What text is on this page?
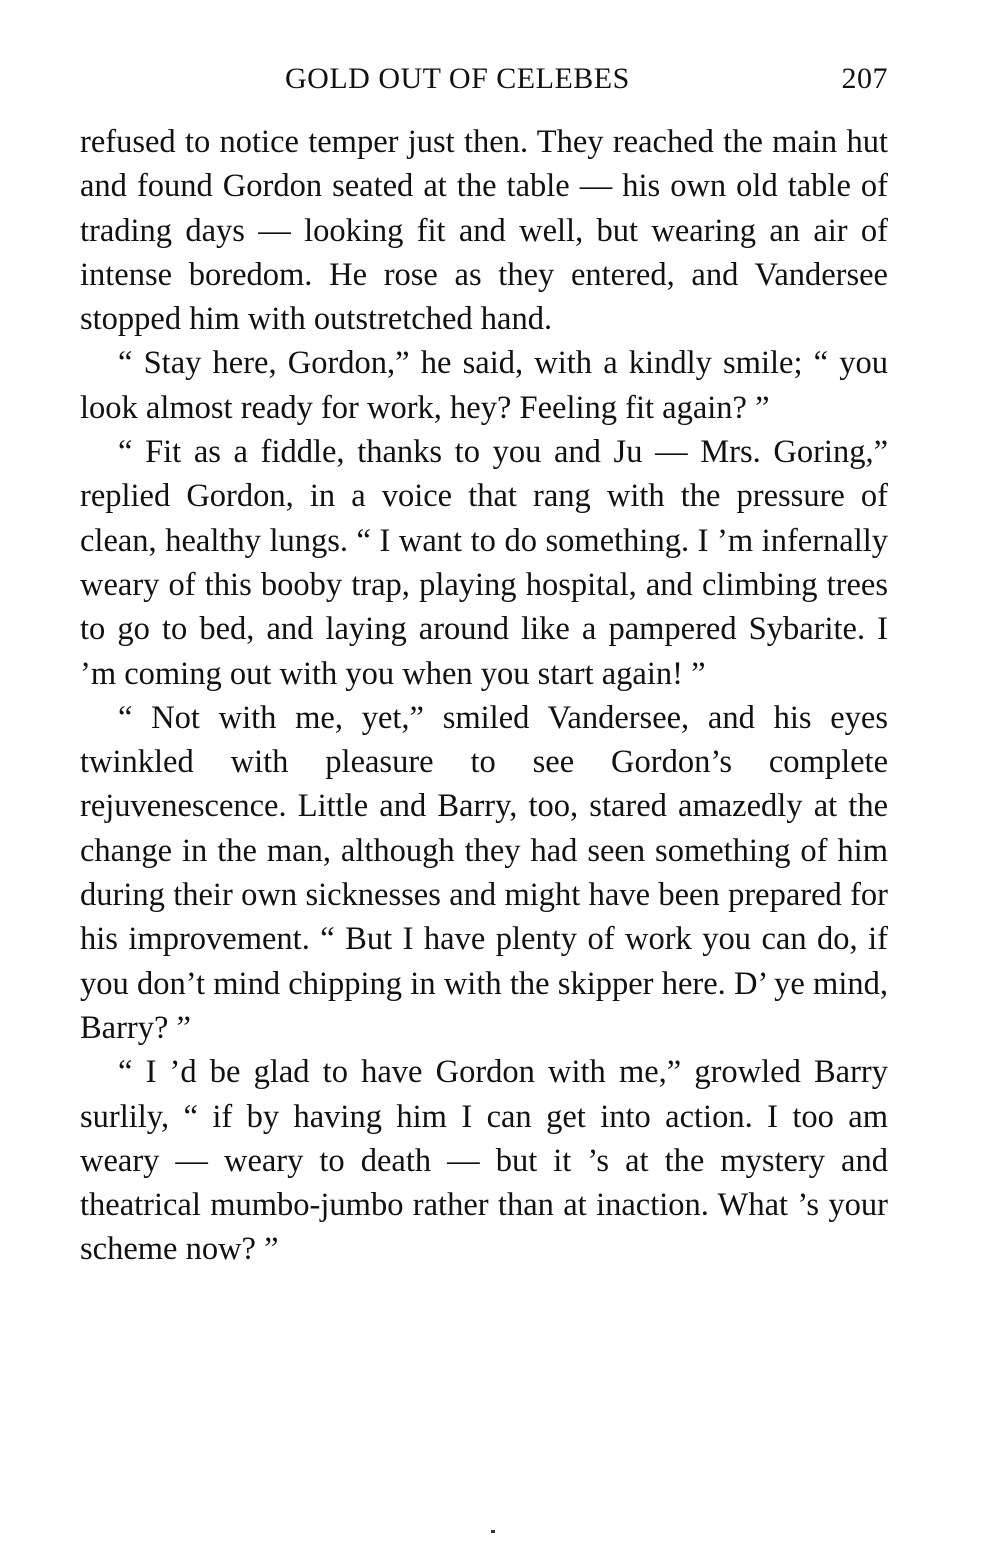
GOLD OUT OF CELEBES	207

refused to notice temper just then. They reached the main hut and found Gordon seated at the table — his own old table of trading days — looking fit and well, but wearing an air of intense boredom. He rose as they entered, and Vandersee stopped him with outstretched hand.

“ Stay here, Gordon,” he said, with a kindly smile; “ you look almost ready for work, hey? Feeling fit again? ”

“ Fit as a fiddle, thanks to you and Ju — Mrs. Goring,” replied Gordon, in a voice that rang with the pressure of clean, healthy lungs. “ I want to do something. I ’m infernally weary of this booby trap, playing hospital, and climbing trees to go to bed, and laying around like a pampered Sybarite. I ’m coming out with you when you start again! ”

“ Not with me, yet,” smiled Vandersee, and his eyes twinkled with pleasure to see Gordon’s complete rejuvenescence. Little and Barry, too, stared amazedly at the change in the man, although they had seen something of him during their own sicknesses and might have been prepared for his improvement. “ But I have plenty of work you can do, if you don’t mind chipping in with the skipper here. D’ ye mind, Barry? ”

“ I ’d be glad to have Gordon with me,” growled Barry surlily, “ if by having him I can get into action. I too am weary — weary to death — but it ’s at the mystery and theatrical mumbo-jumbo rather than at inaction. What ’s your scheme now? ”
